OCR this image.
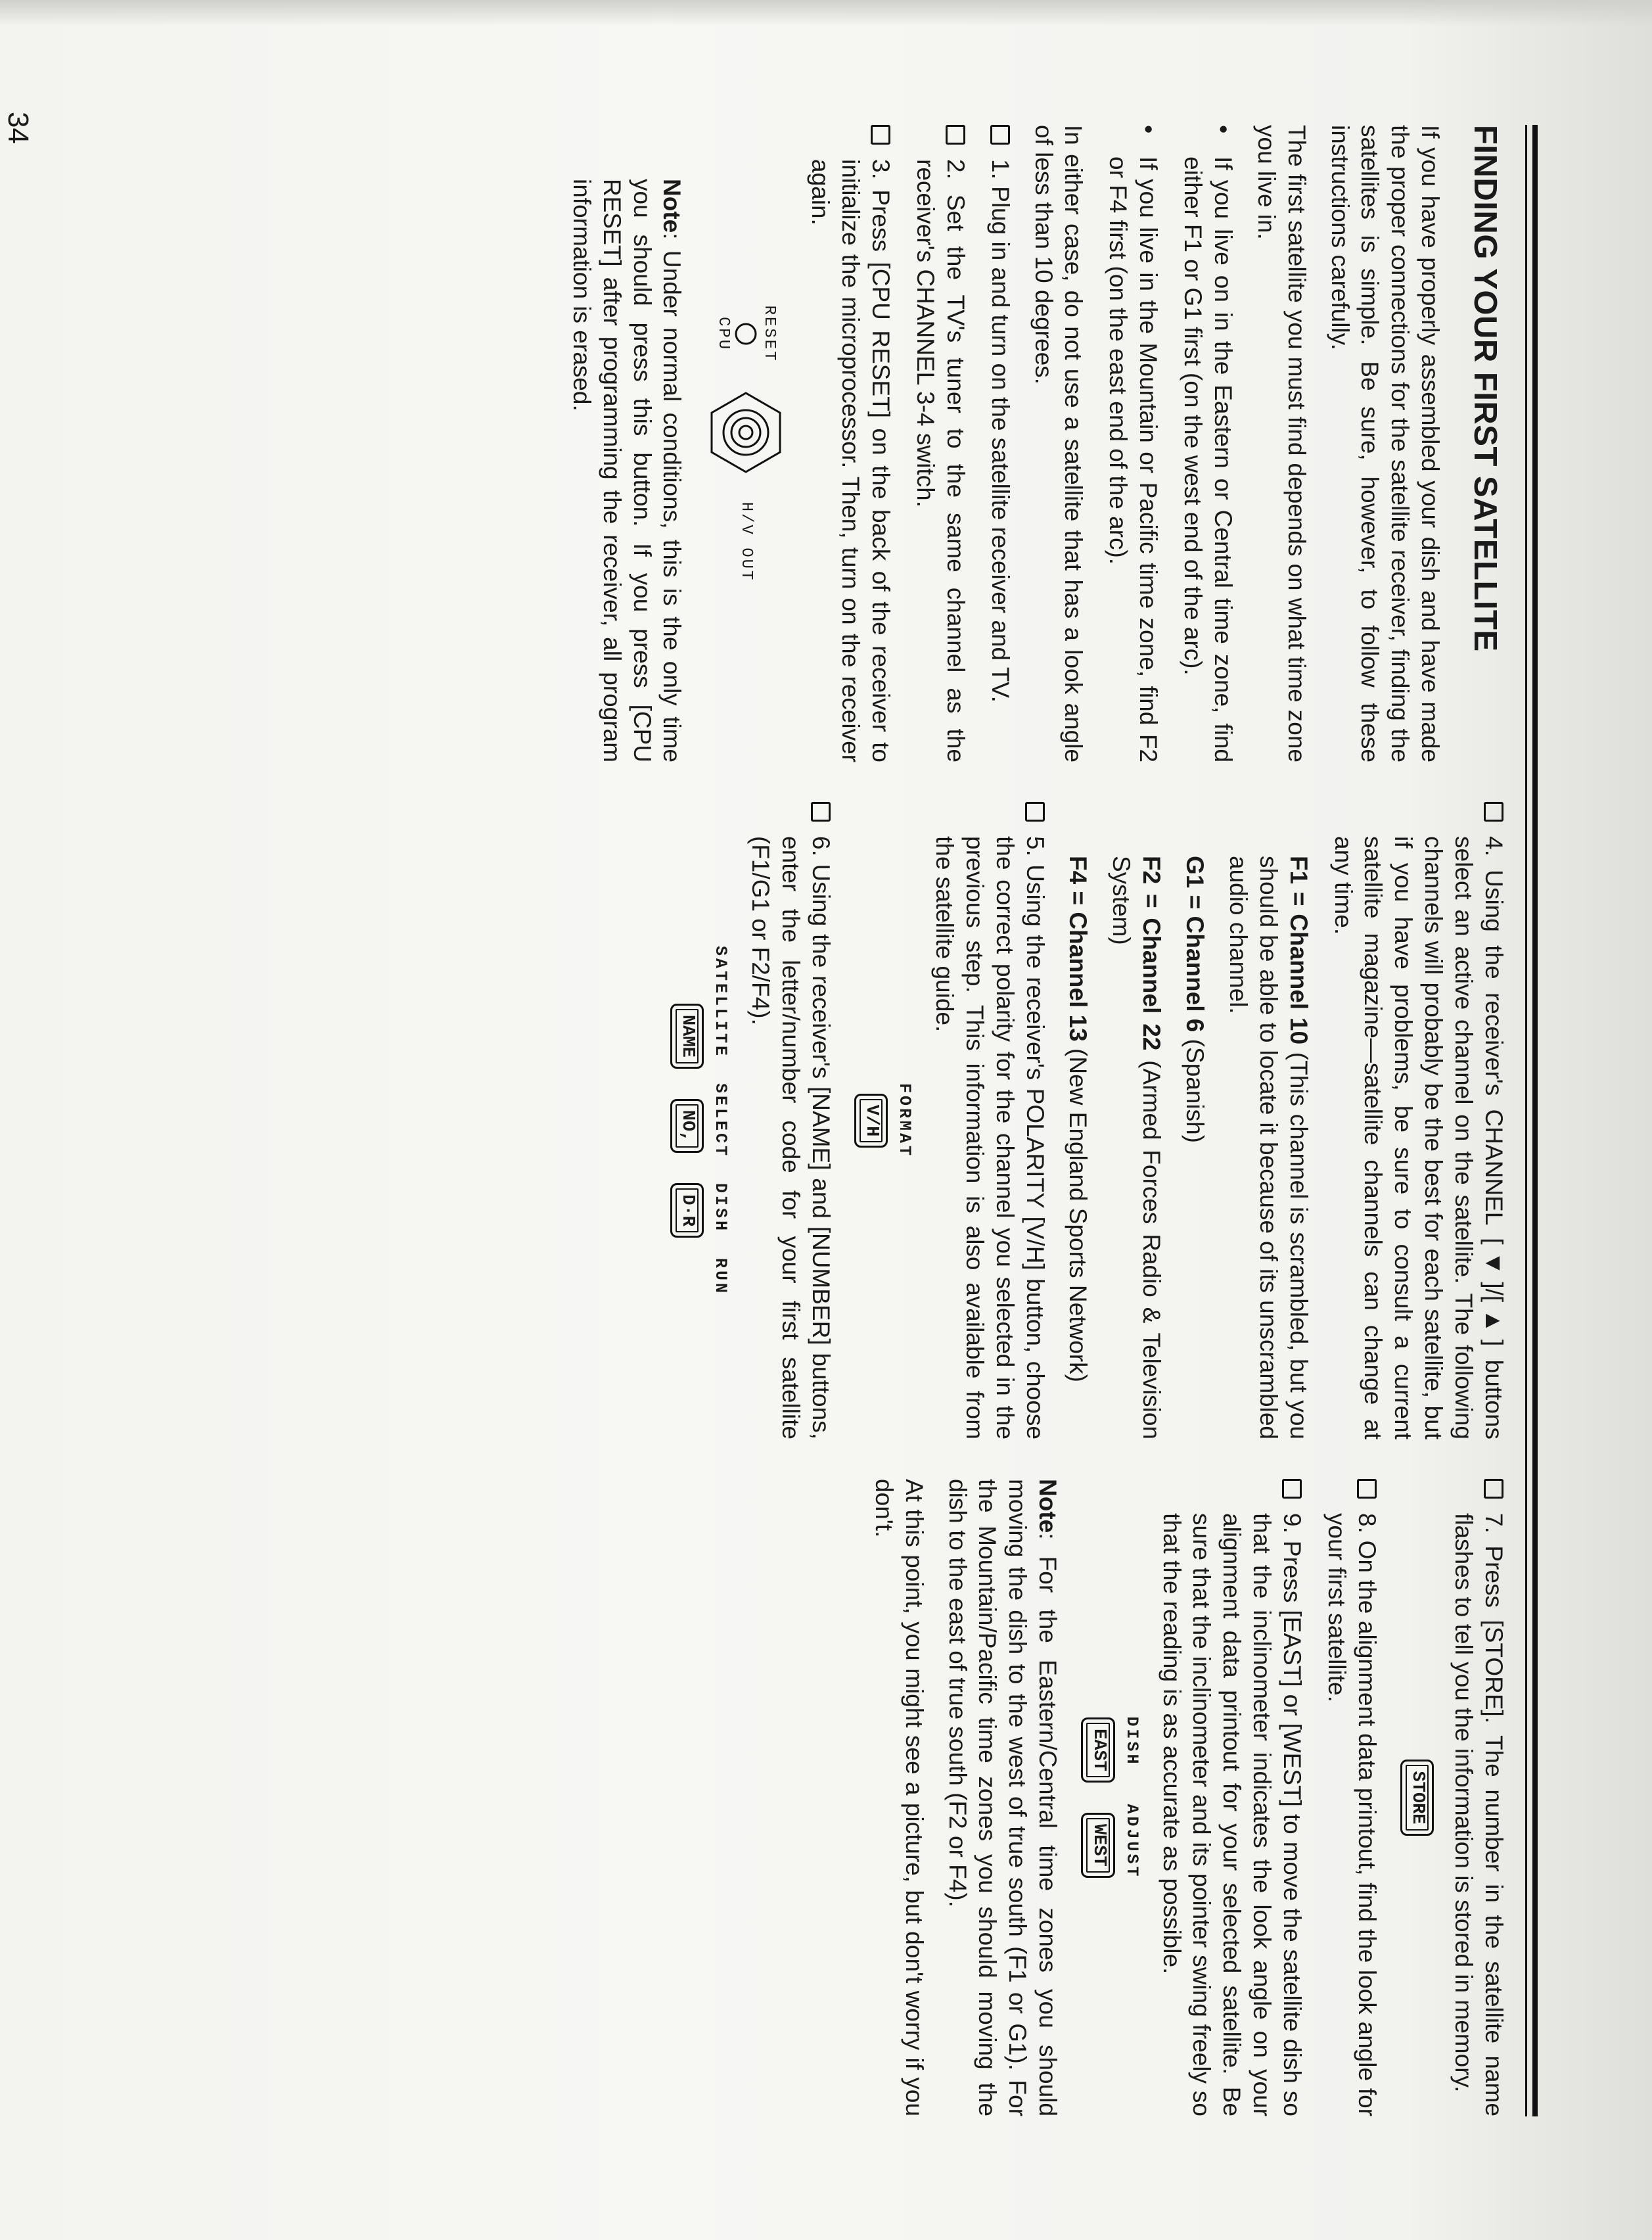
34	FINDING YOUR FIRST SATELLITE

If you have properly assembled your dish and have made the proper connections for the satellite receiver, finding the satellites is simple. Be sure, however, to follow these instructions carefully.

The first satellite you must find depends on what time zone you live in.

•
If you live on in the Eastern or Central time zone, find either F1 or G1 first (on the west end of the arc).
•
If you live in the Mountain or Pacific time zone, find F2 or F4 first (on the east end of the arc).

In either case, do not use a satellite that has a look angle of less than 10 degrees.

1. Plug in and turn on the satellite receiver and TV.
2. Set the TV's tuner to the same channel as the receiver's CHANNEL 3-4 switch.
3. Press [CPU RESET] on the back of the receiver to initialize the microprocessor. Then, turn on the receiver again.
RESET
CPU
H/V OUT

Note: Under normal conditions, this is the only time you should press this button. If you press [CPU RESET] after programming the receiver, all program information is erased.

4. Using the receiver's CHANNEL [▼]/[▲] buttons select an active channel on the satellite. The following channels will probably be the best for each satellite, but if you have problems, be sure to consult a current satellite magazine—satellite channels can change at any time.

F1 = Channel 10 (This channel is scrambled, but you should be able to locate it because of its unscrambled audio channel.

G1 = Channel 6 (Spanish)

F2 = Channel 22 (Armed Forces Radio & Television System)

F4 = Channel 13 (New England Sports Network)

5. Using the receiver's POLARITY [V/H] button, choose the correct polarity for the channel you selected in the previous step. This information is also available from the satellite guide.
FORMAT
V/H
6. Using the receiver's [NAME] and [NUMBER] buttons, enter the letter/number code for your first satellite (F1/G1 or F2/F4).
SATELLITE  SELECT  DISH  RUN
NAME
NO,
D·R
7. Press [STORE]. The number in the satellite name flashes to tell you the information is stored in memory.
STORE
8. On the alignment data printout, find the look angle for your first satellite.
9. Press [EAST] or [WEST] to move the satellite dish so that the inclinometer indicates the look angle on your alignment data printout for your selected satellite. Be sure that the inclinometer and its pointer swing freely so that the reading is as accurate as possible.
DISH   ADJUST
EAST
WEST

Note: For the Eastern/Central time zones you should moving the dish to the west of true south (F1 or G1). For the Mountain/Pacific time zones you should moving the dish to the east of true south (F2 or F4).

At this point, you might see a picture, but don't worry if you don't.
